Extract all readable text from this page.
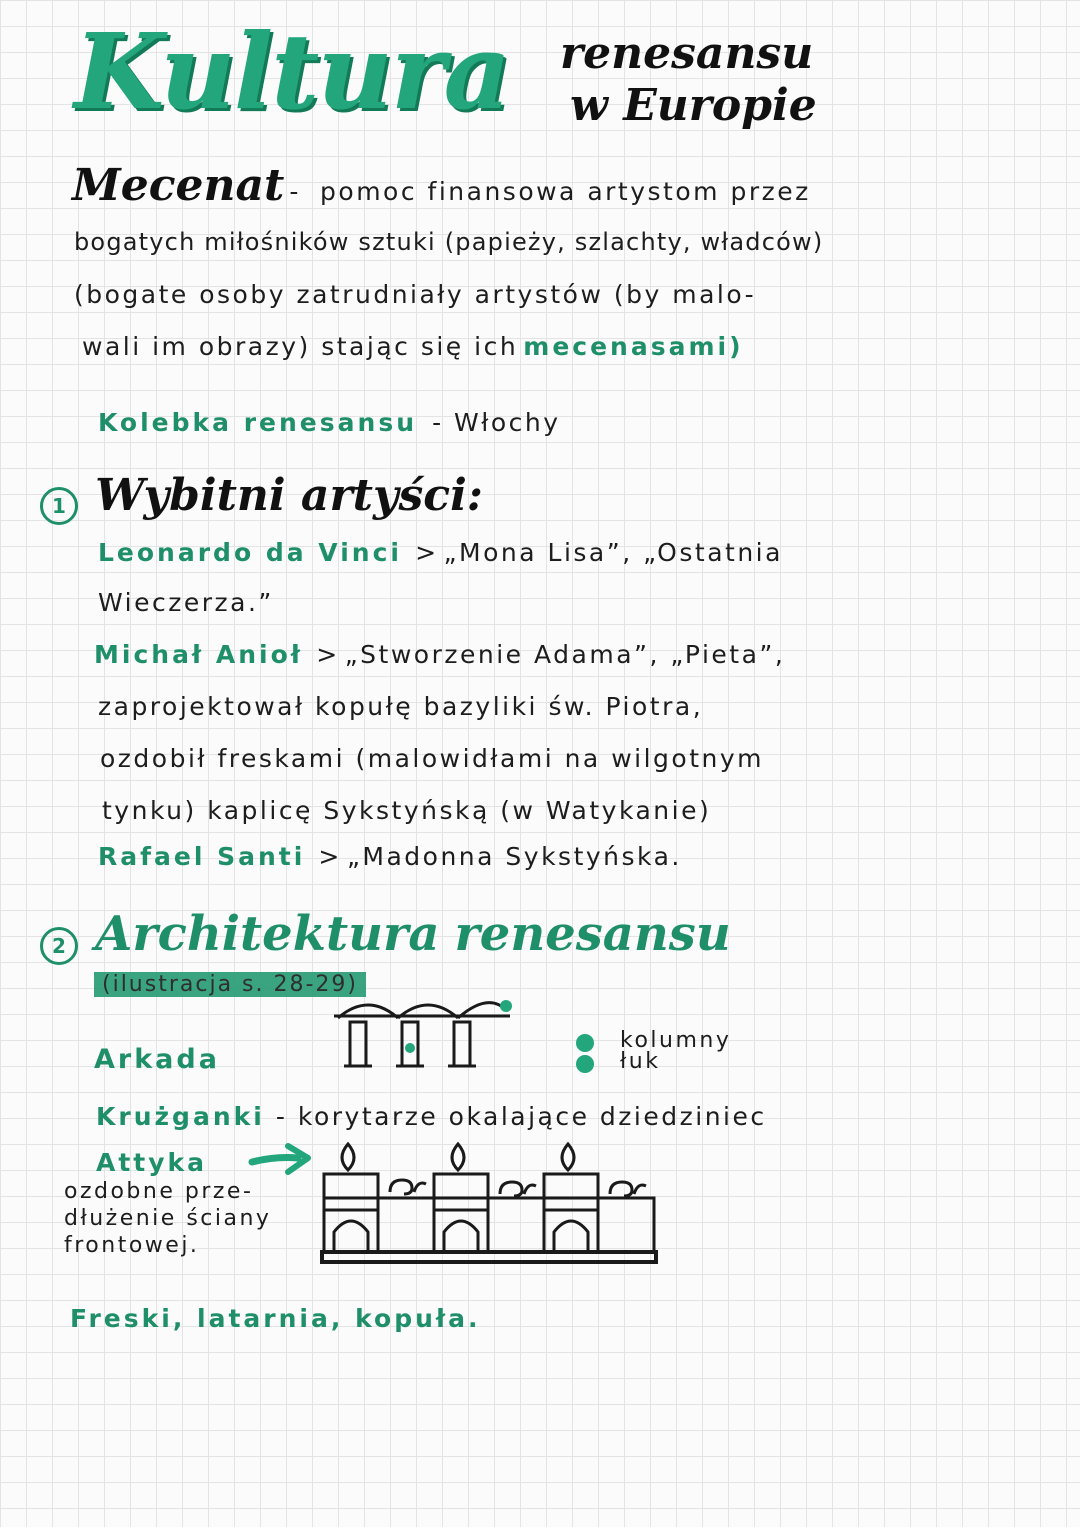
Kultura renesansu
w Europie
Mecenat - pomoc finansowa artystom przez
bogatych miłośników sztuki (papieży, szlachty, władców)
(bogate osoby zatrudniały artystów (by malo-
wali im obrazy) stając się ich mecenasami)
Kolebka renesansu - Włochy
1 Wybitni artyści:
Leonardo da Vinci > „Mona Lisa”, „Ostatnia
Wieczerza.”
Michał Anioł > „Stworzenie Adama”, „Pieta”,
zaprojektował kopułę bazyliki św. Piotra,
ozdobił freskami (malowidłami na wilgotnym
tynku) kaplicę Sykstyńską (w Watykanie)
Rafael Santi > „Madonna Sykstyńska.
2 Architektura renesansu
(ilustracja s. 28-29)
Arkada
kolumny
łuk
Krużganki - korytarze okalające dziedziniec
Attyka
ozdobne prze-
dłużenie ściany
frontowej.
Freski, latarnia, kopuła.
